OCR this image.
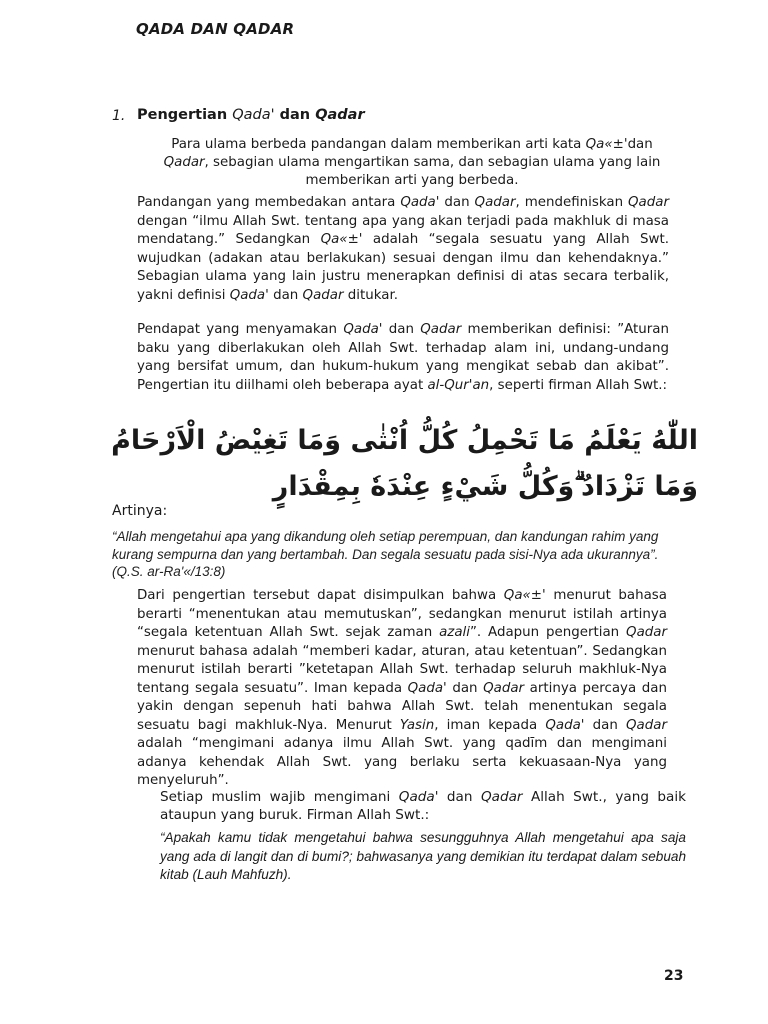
QADA DAN QADAR
1. Pengertian Qada' dan Qadar
Para ulama berbeda pandangan dalam memberikan arti kata Qa«±'dan Qadar, sebagian ulama mengartikan sama, dan sebagian ulama yang lain memberikan arti yang berbeda.
Pandangan yang membedakan antara Qada' dan Qadar, mendefiniskan Qadar dengan “ilmu Allah Swt. tentang apa yang akan terjadi pada makhluk di masa mendatang.” Sedangkan Qa«±' adalah “segala sesuatu yang Allah Swt. wujudkan (adakan atau berlakukan) sesuai dengan ilmu dan kehendaknya.” Sebagian ulama yang lain justru menerapkan definisi di atas secara terbalik, yakni definisi Qada' dan Qadar ditukar.
Pendapat yang menyamakan Qada' dan Qadar memberikan definisi: ”Aturan baku yang diberlakukan oleh Allah Swt. terhadap alam ini, undang-undang yang bersifat umum, dan hukum-hukum yang mengikat sebab dan akibat”. Pengertian itu diilhami oleh beberapa ayat al-Qur'an, seperti firman Allah Swt.:
اللّٰهُ يَعْلَمُ مَا تَحْمِلُ كُلُّ اُنْثٰى وَمَا تَغِيْضُ الْاَرْحَامُ وَمَا تَزْدَادُ ۗوَكُلُّ شَيْءٍ عِنْدَهٗ بِمِقْدَارٍ
Artinya:
“Allah mengetahui apa yang dikandung oleh setiap perempuan, dan kandungan rahim yang kurang sempurna dan yang bertambah. Dan segala sesuatu pada sisi-Nya ada ukurannya”. (Q.S. ar-Ra'«/13:8)
Dari pengertian tersebut dapat disimpulkan bahwa Qa«±' menurut bahasa berarti “menentukan atau memutuskan”, sedangkan menurut istilah artinya “segala ketentuan Allah Swt. sejak zaman azali”. Adapun pengertian Qadar menurut bahasa adalah “memberi kadar, aturan, atau ketentuan”. Sedangkan menurut istilah berarti ”ketetapan Allah Swt. terhadap seluruh makhluk-Nya tentang segala sesuatu”. Iman kepada Qada' dan Qadar artinya percaya dan yakin dengan sepenuh hati bahwa Allah Swt. telah menentukan segala sesuatu bagi makhluk-Nya. Menurut Yasin, iman kepada Qada' dan Qadar adalah “mengimani adanya ilmu Allah Swt. yang qadīm dan mengimani adanya kehendak Allah Swt. yang berlaku serta kekuasaan-Nya yang menyeluruh”.
Setiap muslim wajib mengimani Qada' dan Qadar Allah Swt., yang baik ataupun yang buruk. Firman Allah Swt.:
“Apakah kamu tidak mengetahui bahwa sesungguhnya Allah mengetahui apa saja yang ada di langit dan di bumi?; bahwasanya yang demikian itu terdapat dalam sebuah kitab (Lauh Mahfuzh).
23
